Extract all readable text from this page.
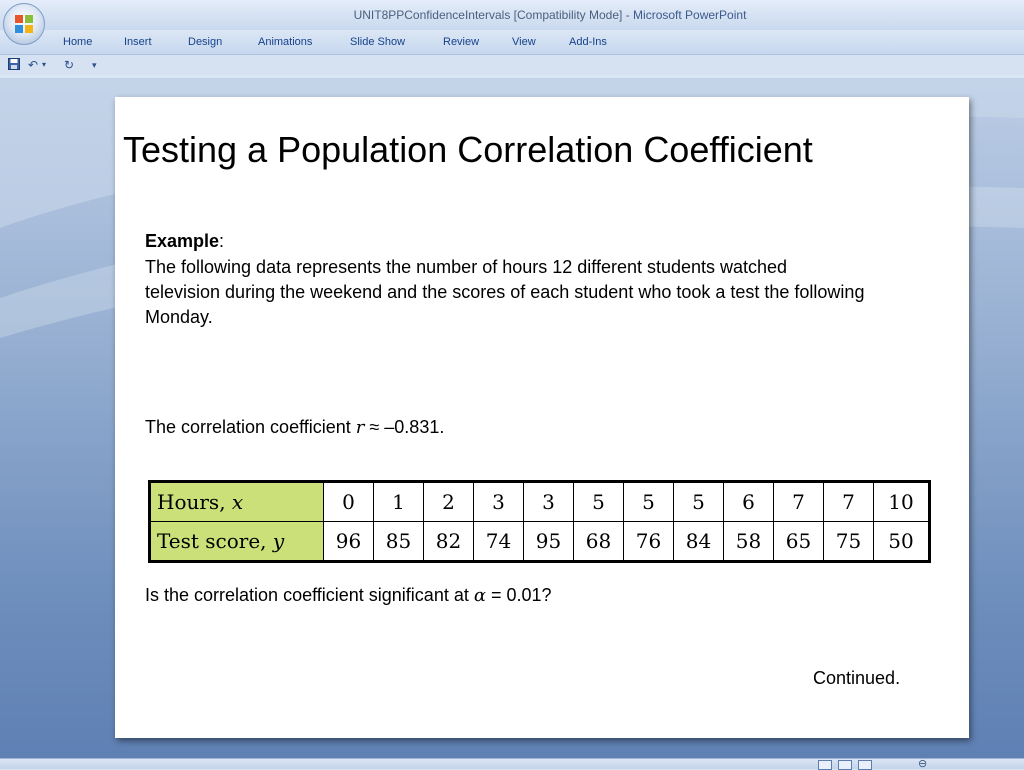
UNIT8PPConfidenceIntervals [Compatibility Mode] - Microsoft PowerPoint
Home	Insert	Design	Animations	Slide Show	Review	View	Add-Ins
↶ ▾ ↻ ▾
Testing a Population Correlation Coefficient
Example:
The following data represents the number of hours 12 different students watched television during the weekend and the scores of each student who took a test the following Monday.
The correlation coefficient r ≈ –0.831.
Hours, x	0	1	2	3	3	5	5	5	6	7	7	10
Test score, y	96	85	82	74	95	68	76	84	58	65	75	50
Is the correlation coefficient significant at α = 0.01?
Continued.
⊖
